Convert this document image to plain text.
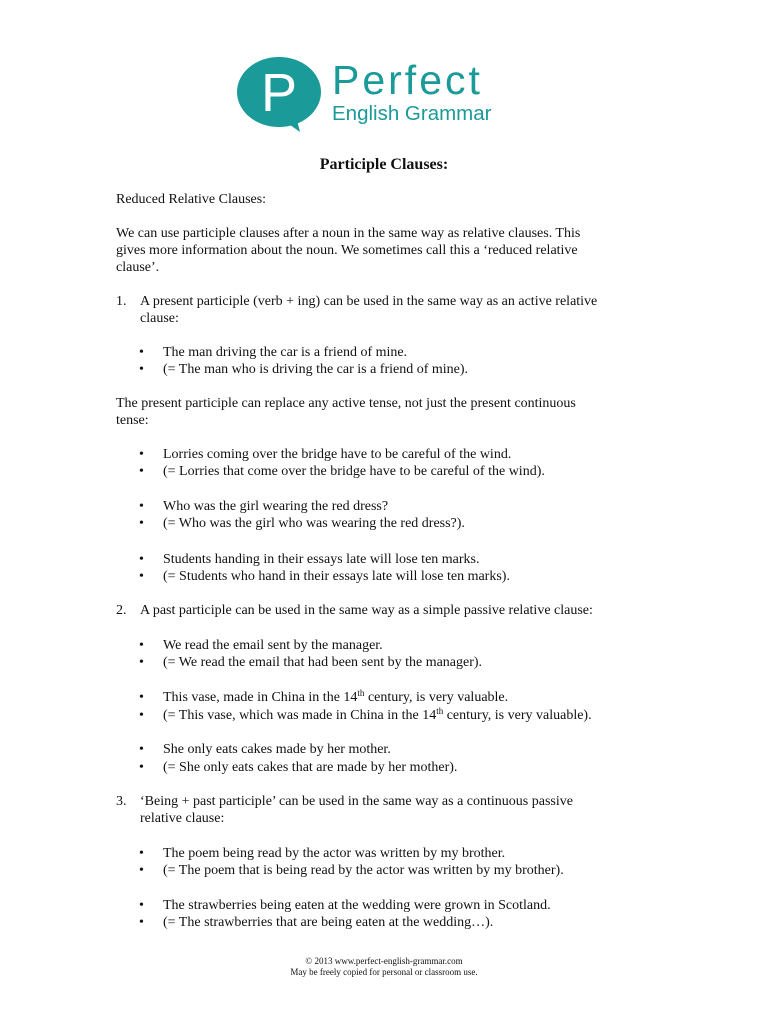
P Perfect
English Grammar
Participle Clauses:
Reduced Relative Clauses:
We can use participle clauses after a noun in the same way as relative clauses. This
gives more information about the noun. We sometimes call this a ‘reduced relative
clause’.
1. A present participle (verb + ing) can be used in the same way as an active relative
clause:
• The man driving the car is a friend of mine.
• (= The man who is driving the car is a friend of mine).
The present participle can replace any active tense, not just the present continuous
tense:
• Lorries coming over the bridge have to be careful of the wind.
• (= Lorries that come over the bridge have to be careful of the wind).
• Who was the girl wearing the red dress?
• (= Who was the girl who was wearing the red dress?).
• Students handing in their essays late will lose ten marks.
• (= Students who hand in their essays late will lose ten marks).
2. A past participle can be used in the same way as a simple passive relative clause:
• We read the email sent by the manager.
• (= We read the email that had been sent by the manager).
• This vase, made in China in the 14th century, is very valuable.
• (= This vase, which was made in China in the 14th century, is very valuable).
• She only eats cakes made by her mother.
• (= She only eats cakes that are made by her mother).
3. ‘Being + past participle’ can be used in the same way as a continuous passive
relative clause:
• The poem being read by the actor was written by my brother.
• (= The poem that is being read by the actor was written by my brother).
• The strawberries being eaten at the wedding were grown in Scotland.
• (= The strawberries that are being eaten at the wedding…).
© 2013 www.perfect-english-grammar.com
May be freely copied for personal or classroom use.
